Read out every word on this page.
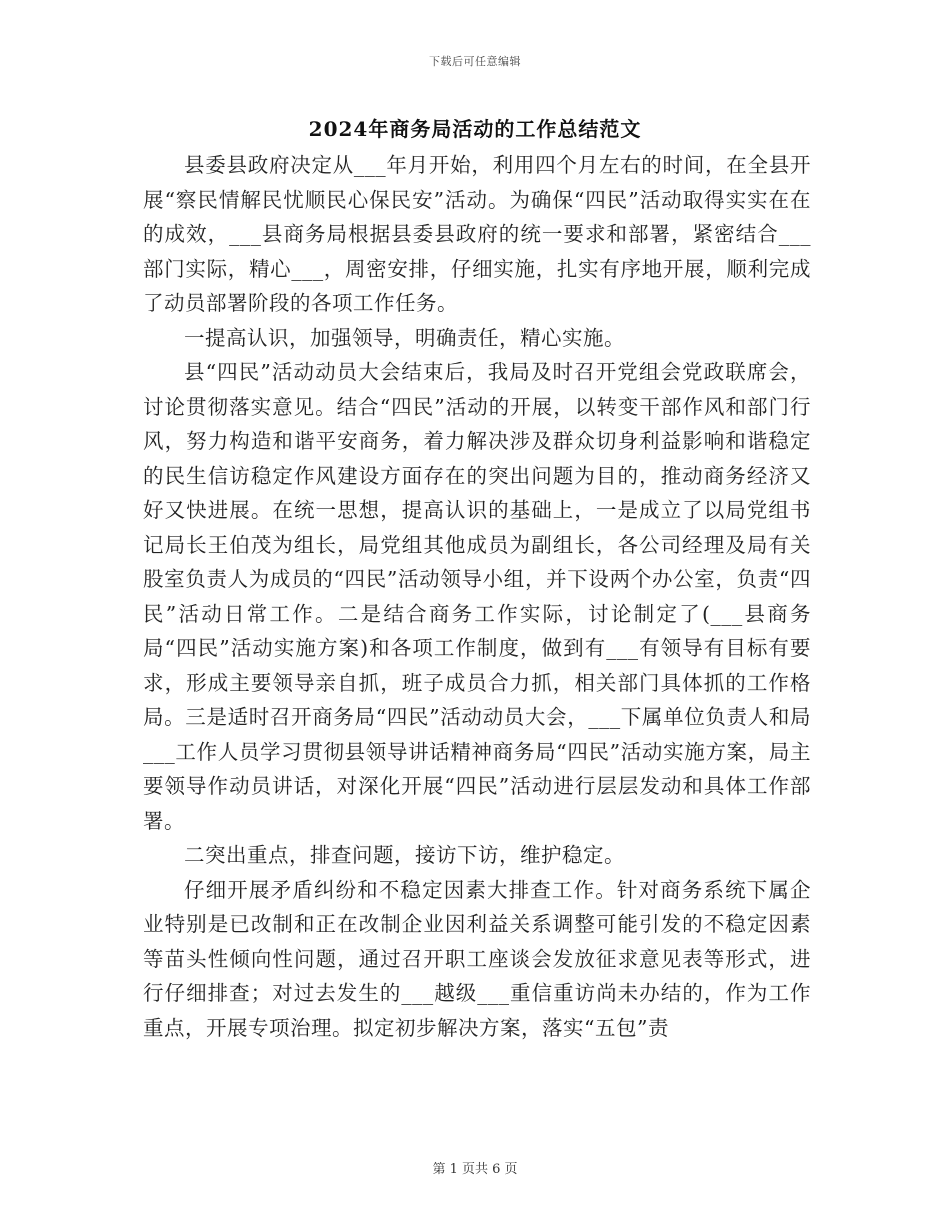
下载后可任意编辑
2024年商务局活动的工作总结范文

县委县政府决定从___年月开始，利用四个月左右的时间，在全县开展“察民情解民忧顺民心保民安”活动。为确保“四民”活动取得实实在在的成效，___县商务局根据县委县政府的统一要求和部署，紧密结合___部门实际，精心___，周密安排，仔细实施，扎实有序地开展，顺利完成了动员部署阶段的各项工作任务。

一提高认识，加强领导，明确责任，精心实施。

县“四民”活动动员大会结束后，我局及时召开党组会党政联席会，讨论贯彻落实意见。结合“四民”活动的开展，以转变干部作风和部门行风，努力构造和谐平安商务，着力解决涉及群众切身利益影响和谐稳定的民生信访稳定作风建设方面存在的突出问题为目的，推动商务经济又好又快进展。在统一思想，提高认识的基础上，一是成立了以局党组书记局长王伯茂为组长，局党组其他成员为副组长，各公司经理及局有关股室负责人为成员的“四民”活动领导小组，并下设两个办公室，负责“四民”活动日常工作。二是结合商务工作实际，讨论制定了(___县商务局“四民”活动实施方案)和各项工作制度，做到有___有领导有目标有要求，形成主要领导亲自抓，班子成员合力抓，相关部门具体抓的工作格局。三是适时召开商务局“四民”活动动员大会，___下属单位负责人和局___工作人员学习贯彻县领导讲话精神商务局“四民”活动实施方案，局主要领导作动员讲话，对深化开展“四民”活动进行层层发动和具体工作部署。

二突出重点，排查问题，接访下访，维护稳定。

仔细开展矛盾纠纷和不稳定因素大排查工作。针对商务系统下属企业特别是已改制和正在改制企业因利益关系调整可能引发的不稳定因素等苗头性倾向性问题，通过召开职工座谈会发放征求意见表等形式，进行仔细排查；对过去发生的___越级___重信重访尚未办结的，作为工作重点，开展专项治理。拟定初步解决方案，落实“五包”责

第 1 页共 6 页
